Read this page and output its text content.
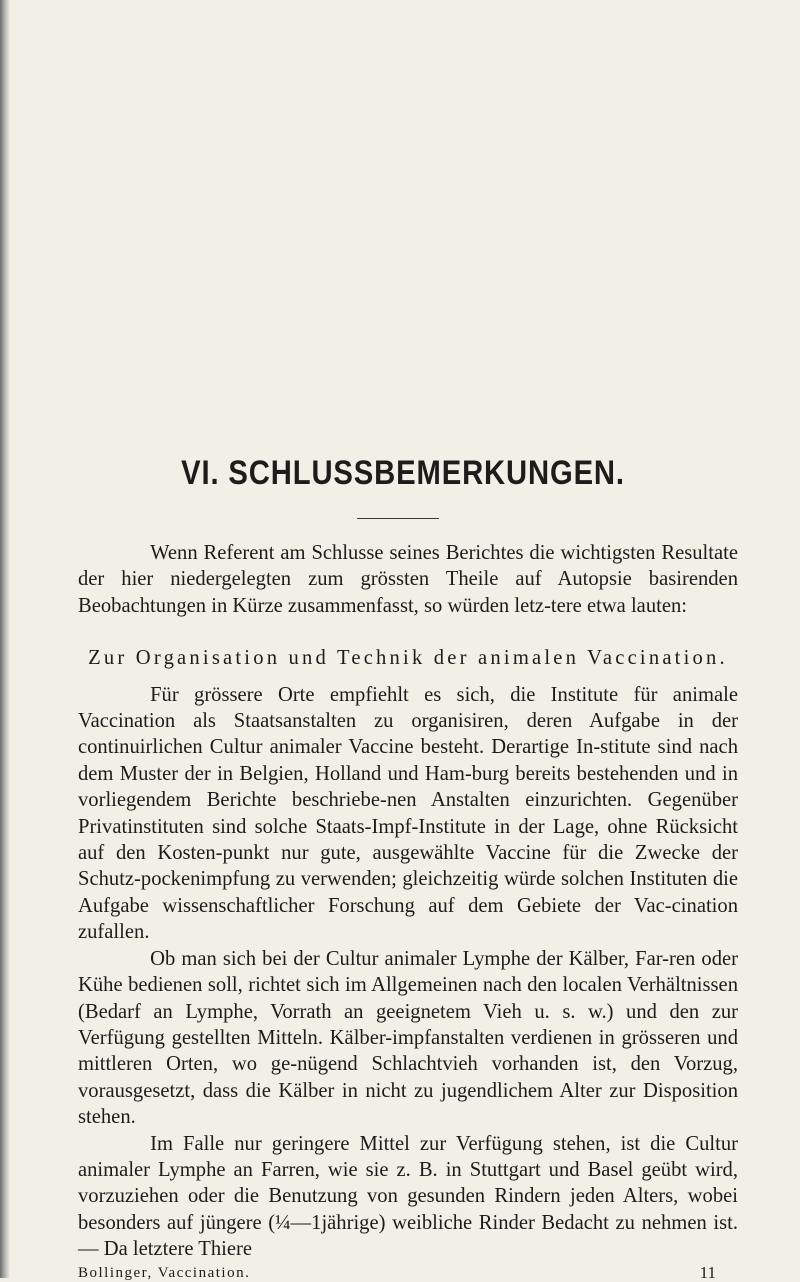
VI. SCHLUSSBEMERKUNGEN.

Wenn Referent am Schlusse seines Berichtes die wichtigsten Resultate der hier niedergelegten zum grössten Theile auf Autopsie basirenden Beobachtungen in Kürze zusammenfasst, so würden letz-tere etwa lauten:

Zur Organisation und Technik der animalen Vaccination.

Für grössere Orte empfiehlt es sich, die Institute für animale Vaccination als Staatsanstalten zu organisiren, deren Aufgabe in der continuirlichen Cultur animaler Vaccine besteht. Derartige In-stitute sind nach dem Muster der in Belgien, Holland und Ham-burg bereits bestehenden und in vorliegendem Berichte beschriebe-nen Anstalten einzurichten. Gegenüber Privatinstituten sind solche Staats-Impf-Institute in der Lage, ohne Rücksicht auf den Kosten-punkt nur gute, ausgewählte Vaccine für die Zwecke der Schutz-pockenimpfung zu verwenden; gleichzeitig würde solchen Instituten die Aufgabe wissenschaftlicher Forschung auf dem Gebiete der Vac-cination zufallen.

Ob man sich bei der Cultur animaler Lymphe der Kälber, Far-ren oder Kühe bedienen soll, richtet sich im Allgemeinen nach den localen Verhältnissen (Bedarf an Lymphe, Vorrath an geeignetem Vieh u. s. w.) und den zur Verfügung gestellten Mitteln. Kälber-impfanstalten verdienen in grösseren und mittleren Orten, wo ge-nügend Schlachtvieh vorhanden ist, den Vorzug, vorausgesetzt, dass die Kälber in nicht zu jugendlichem Alter zur Disposition stehen.

Im Falle nur geringere Mittel zur Verfügung stehen, ist die Cultur animaler Lymphe an Farren, wie sie z. B. in Stuttgart und Basel geübt wird, vorzuziehen oder die Benutzung von gesunden Rindern jeden Alters, wobei besonders auf jüngere (¼—1jährige) weibliche Rinder Bedacht zu nehmen ist. — Da letztere Thiere

Bollinger, Vaccination.	11
